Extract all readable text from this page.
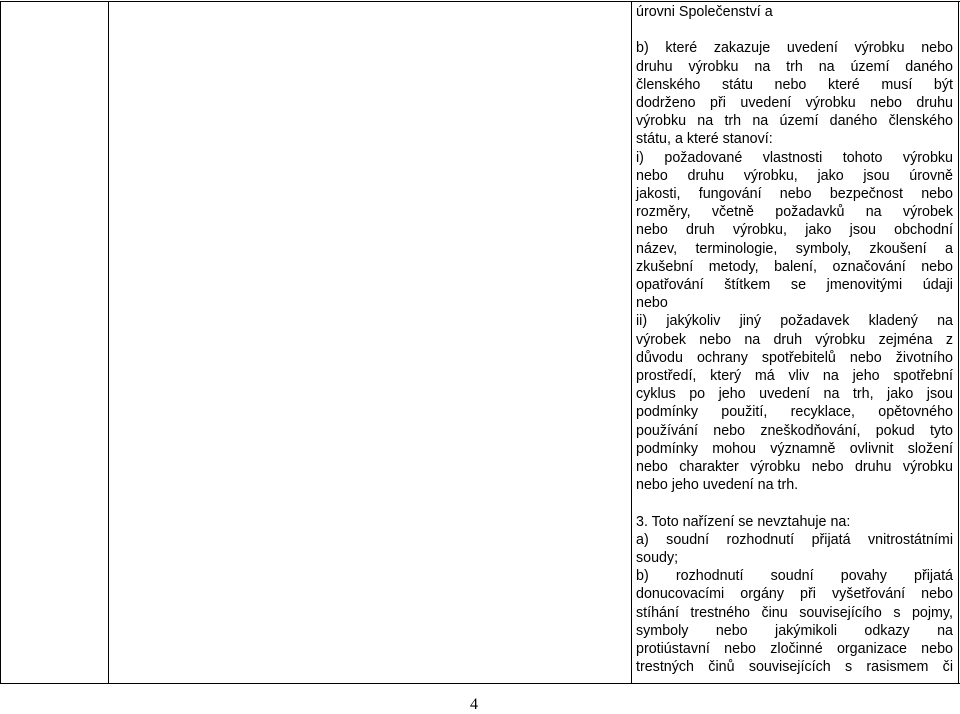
úrovni Společenství a

b) které zakazuje uvedení výrobku nebo

druhu výrobku na trh na území daného

členského státu nebo které musí být

dodrženo při uvedení výrobku nebo druhu

výrobku na trh na území daného členského

státu, a které stanoví:

i) požadované vlastnosti tohoto výrobku

nebo druhu výrobku, jako jsou úrovně

jakosti, fungování nebo bezpečnost nebo

rozměry, včetně požadavků na výrobek

nebo druh výrobku, jako jsou obchodní

název, terminologie, symboly, zkoušení a

zkušební metody, balení, označování nebo

opatřování štítkem se jmenovitými údaji

nebo

ii) jakýkoliv jiný požadavek kladený na

výrobek nebo na druh výrobku zejména z

důvodu ochrany spotřebitelů nebo životního

prostředí, který má vliv na jeho spotřební

cyklus po jeho uvedení na trh, jako jsou

podmínky použití, recyklace, opětovného

používání nebo zneškodňování, pokud tyto

podmínky mohou významně ovlivnit složení

nebo charakter výrobku nebo druhu výrobku

nebo jeho uvedení na trh.

3. Toto nařízení se nevztahuje na:

a) soudní rozhodnutí přijatá vnitrostátními

soudy;

b) rozhodnutí soudní povahy přijatá

donucovacími orgány při vyšetřování nebo

stíhání trestného činu souvisejícího s pojmy,

symboly nebo jakýmikoli odkazy na

protiústavní nebo zločinné organizace nebo

trestných činů souvisejících s rasismem či

4
